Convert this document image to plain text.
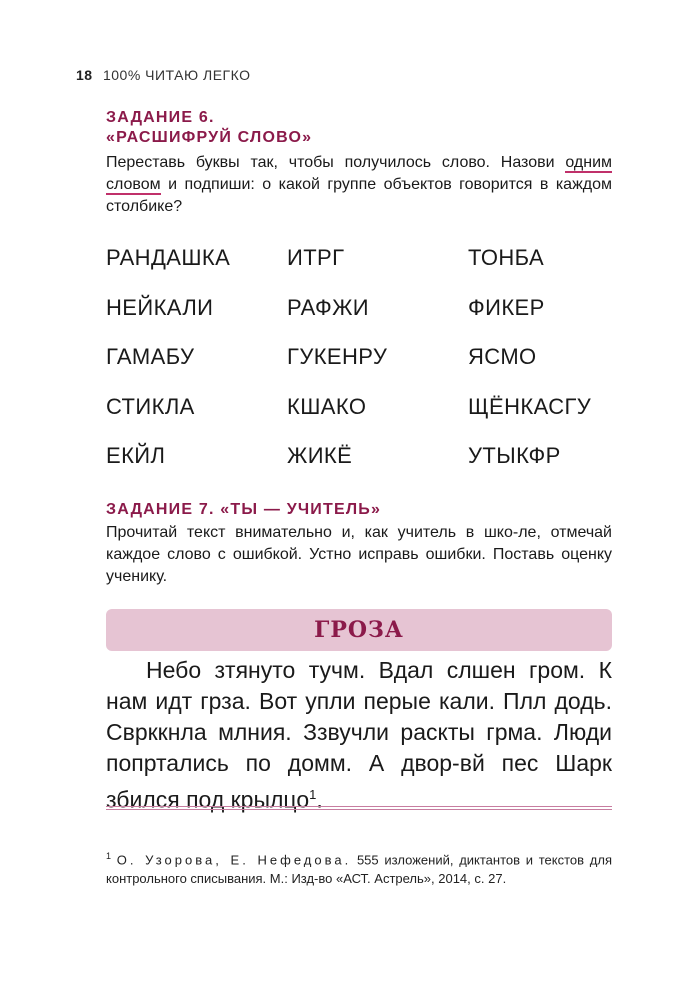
18 100% ЧИТАЮ ЛЕГКО
ЗАДАНИЕ 6.
«РАСШИФРУЙ СЛОВО»
Переставь буквы так, чтобы получилось слово. Назови одним словом и подпиши: о какой группе объектов говорится в каждом столбике?
РАНДАШКА	ИТРГ	ТОНБА
НЕЙКАЛИ	РАФЖИ	ФИКЕР
ГАМАБУ	ГУКЕНРУ	ЯСМО
СТИКЛА	КШАКО	ЩЁНКАСГУ
ЕКЙЛ	ЖИКЁ	УТЫКФР
ЗАДАНИЕ 7. «ТЫ — УЧИТЕЛЬ»
Прочитай текст внимательно и, как учитель в шко-ле, отмечай каждое слово с ошибкой. Устно исправь ошибки. Поставь оценку ученику.
ГРОЗА
Небо зтянуто тучм. Вдал слшен гром. К нам идт грза. Вот упли перые кали. Плл додь. Сврккнла млния. Ззвучли раскты грма. Люди попртались по домм. А двор-вй пес Шарк збился под крылцо$^1$.
$^1$ О. Узорова, Е. Нефедова. 555 изложений, диктантов и текстов для контрольного списывания. М.: Изд-во «АСТ. Астрель», 2014, с. 27.
